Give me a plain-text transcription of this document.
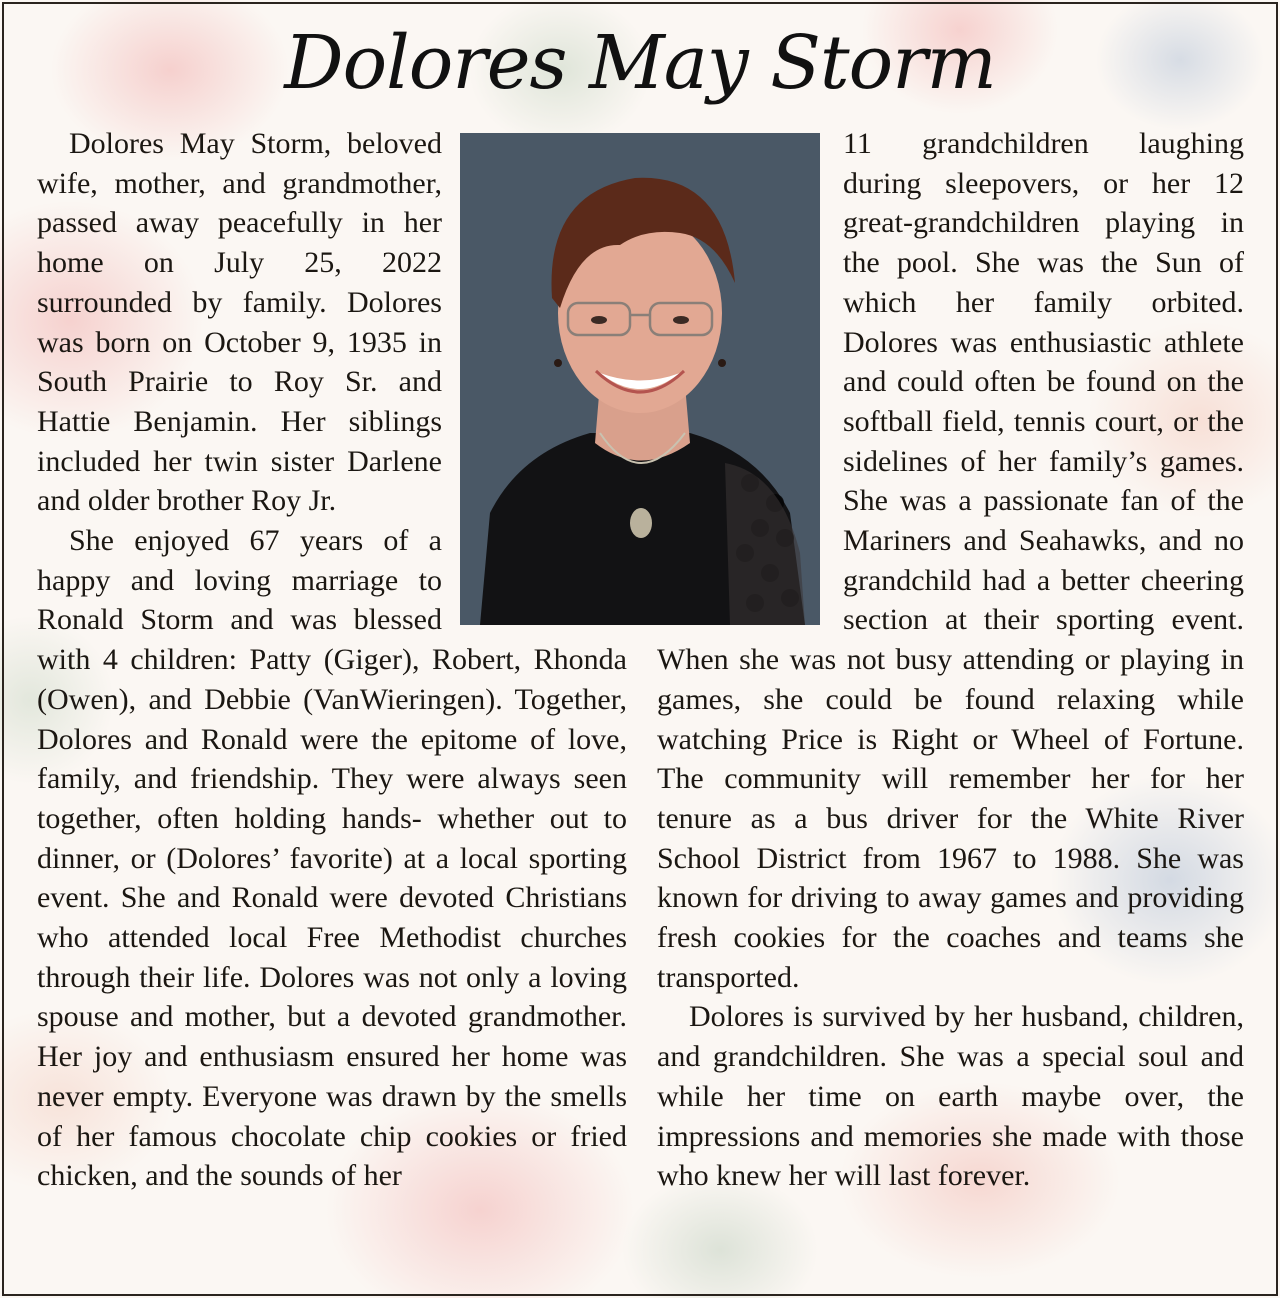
Dolores May Storm

Dolores May Storm, beloved wife, mother, and grandmother, passed away peacefully in her home on July 25, 2022 surrounded by family. Dolores was born on October 9, 1935 in South Prairie to Roy Sr. and Hattie Benjamin. Her siblings included her twin sister Darlene and older brother Roy Jr.

She enjoyed 67 years of a happy and loving marriage to Ronald Storm and was blessed with 4 children: Patty (Giger), Robert, Rhonda (Owen), and Debbie (VanWieringen). Together, Dolores and Ronald were the epitome of love, family, and friendship. They were always seen together, often holding hands- whether out to dinner, or (Dolores’ favorite) at a local sporting event. She and Ronald were devoted Christians who attended local Free Methodist churches through their life. Dolores was not only a loving spouse and mother, but a devoted grandmother. Her joy and enthusiasm ensured her home was never empty. Everyone was drawn by the smells of her famous chocolate chip cookies or fried chicken, and the sounds of her

11 grandchildren laughing during sleepovers, or her 12 great-grandchildren playing in the pool. She was the Sun of which her family orbited. Dolores was enthusiastic athlete and could often be found on the softball field, tennis court, or the sidelines of her family’s games. She was a passionate fan of the Mariners and Seahawks, and no grandchild had a better cheering section at their sporting event. When she was not busy attending or playing in games, she could be found relaxing while watching Price is Right or Wheel of Fortune. The community will remember her for her tenure as a bus driver for the White River School District from 1967 to 1988. She was known for driving to away games and providing fresh cookies for the coaches and teams she transported.

Dolores is survived by her husband, children, and grandchildren. She was a special soul and while her time on earth maybe over, the impressions and memories she made with those who knew her will last forever.
